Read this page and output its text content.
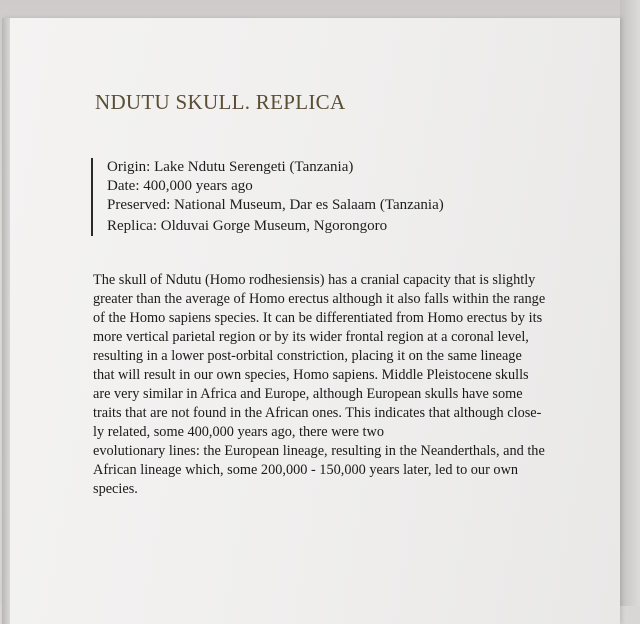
NDUTU SKULL. REPLICA
Origin: Lake Ndutu Serengeti (Tanzania)
Date: 400,000 years ago
Preserved: National Museum, Dar es Salaam (Tanzania)
Replica: Olduvai Gorge Museum, Ngorongoro
The skull of Ndutu (Homo rodhesiensis) has a cranial capacity that is slightly
greater than the average of Homo erectus although it also falls within the range
of the Homo sapiens species. It can be differentiated from Homo erectus by its
more vertical parietal region or by its wider frontal region at a coronal level,
resulting in a lower post-orbital constriction, placing it on the same lineage
that will result in our own species, Homo sapiens. Middle Pleistocene skulls
are very similar in Africa and Europe, although European skulls have some
traits that are not found in the African ones. This indicates that although close-
ly related, some 400,000 years ago, there were two
evolutionary lines: the European lineage, resulting in the Neanderthals, and the
African lineage which, some 200,000 - 150,000 years later, led to our own
species.
